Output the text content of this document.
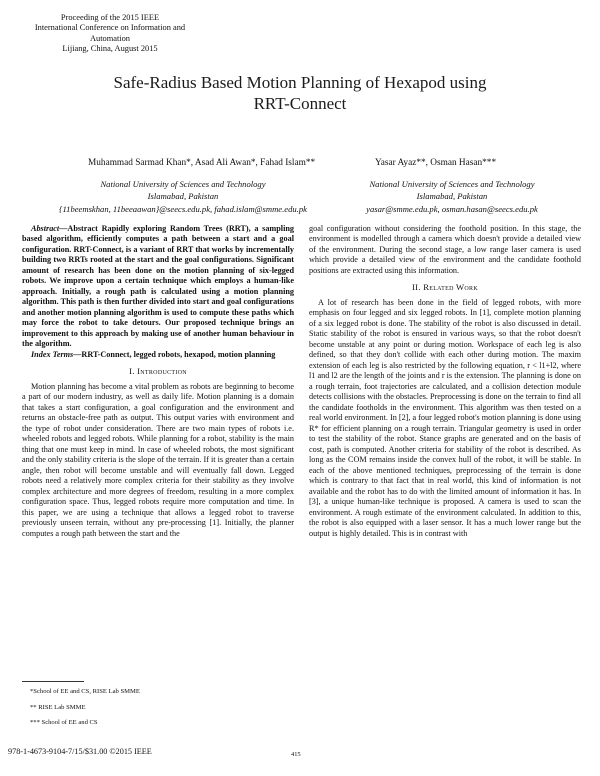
Proceeding of the 2015 IEEE
International Conference on Information and Automation
Lijiang, China, August 2015
Safe-Radius Based Motion Planning of Hexapod using
RRT-Connect
Muhammad Sarmad Khan*, Asad Ali Awan*, Fahad Islam**	Yasar Ayaz**, Osman Hasan***
National University of Sciences and Technology
Islamabad, Pakistan
{11beemskhan, 11beeaawan}@seecs.edu.pk, fahad.islam@smme.edu.pk
National University of Sciences and Technology
Islamabad, Pakistan
yasar@smme.edu.pk, osman.hasan@seecs.edu.pk

Abstract—Abstract Rapidly exploring Random Trees (RRT), a sampling based algorithm, efficiently computes a path between a start and a goal configuration. RRT-Connect, is a variant of RRT that works by incrementally building two RRTs rooted at the start and the goal configurations. Significant amount of research has been done on the motion planning of six-legged robots. We improve upon a certain technique which employs a human-like approach. Initially, a rough path is calculated using a motion planning algorithm. This path is then further divided into start and goal configurations and another motion planning algorithm is used to compute these paths which may force the robot to take detours. Our proposed technique brings an improvement to this approach by making use of another human behaviour in the algorithm.

Index Terms—RRT-Connect, legged robots, hexapod, motion planning

I. Introduction

Motion planning has become a vital problem as robots are beginning to become a part of our modern industry, as well as daily life. Motion planning is a domain that takes a start configuration, a goal configuration and the environment and returns an obstacle-free path as output. This output varies with environment and the type of robot under consideration. There are two main types of robots i.e. wheeled robots and legged robots. While planning for a robot, stability is the main thing that one must keep in mind. In case of wheeled robots, the most significant and the only stability criteria is the slope of the terrain. If it is greater than a certain angle, then robot will become unstable and will eventually fall down. Legged robots need a relatively more complex criteria for their stability as they involve complex architecture and more degrees of freedom, resulting in a more complex configuration space. Thus, legged robots require more computation and time. In this paper, we are using a technique that allows a legged robot to traverse previously unseen terrain, without any pre-processing [1]. Initially, the planner computes a rough path between the start and the

*School of EE and CS, RISE Lab SMME
** RISE Lab SMME
*** School of EE and CS

goal configuration without considering the foothold position. In this stage, the environment is modelled through a camera which doesn't provide a detailed view of the environment. During the second stage, a low range laser camera is used which provide a detailed view of the environment and the candidate foothold positions are extracted using this information.

II. Related Work

A lot of research has been done in the field of legged robots, with more emphasis on four legged and six legged robots. In [1], complete motion planning of a six legged robot is done. The stability of the robot is also discussed in detail. Static stability of the robot is ensured in various ways, so that the robot doesn't become unstable at any point or during motion. Workspace of each leg is also defined, so that they don't collide with each other during motion. The maxim extension of each leg is also restricted by the following equation, r < l1+l2, where l1 and l2 are the length of the joints and r is the extension. The planning is done on a rough terrain, foot trajectories are calculated, and a collision detection module detects collisions with the obstacles. Preprocessing is done on the terrain to find all the candidate footholds in the environment. This algorithm was then tested on a real world environment. In [2], a four legged robot's motion planning is done using R* for efficient planning on a rough terrain. Triangular geometry is used in order to test the stability of the robot. Stance graphs are generated and on the basis of cost, path is computed. Another criteria for stability of the robot is described. As long as the COM remains inside the convex hull of the robot, it will be stable. In each of the above mentioned techniques, preprocessing of the terrain is done which is contrary to that fact that in real world, this kind of information is not available and the robot has to do with the limited amount of information it has. In [3], a unique human-like technique is proposed. A camera is used to scan the environment. A rough estimate of the environment calculated. In addition to this, the robot is also equipped with a laser sensor. It has a much lower range but the output is highly detailed. This is in contrast with

978-1-4673-9104-7/15/$31.00 ©2015 IEEE	415
